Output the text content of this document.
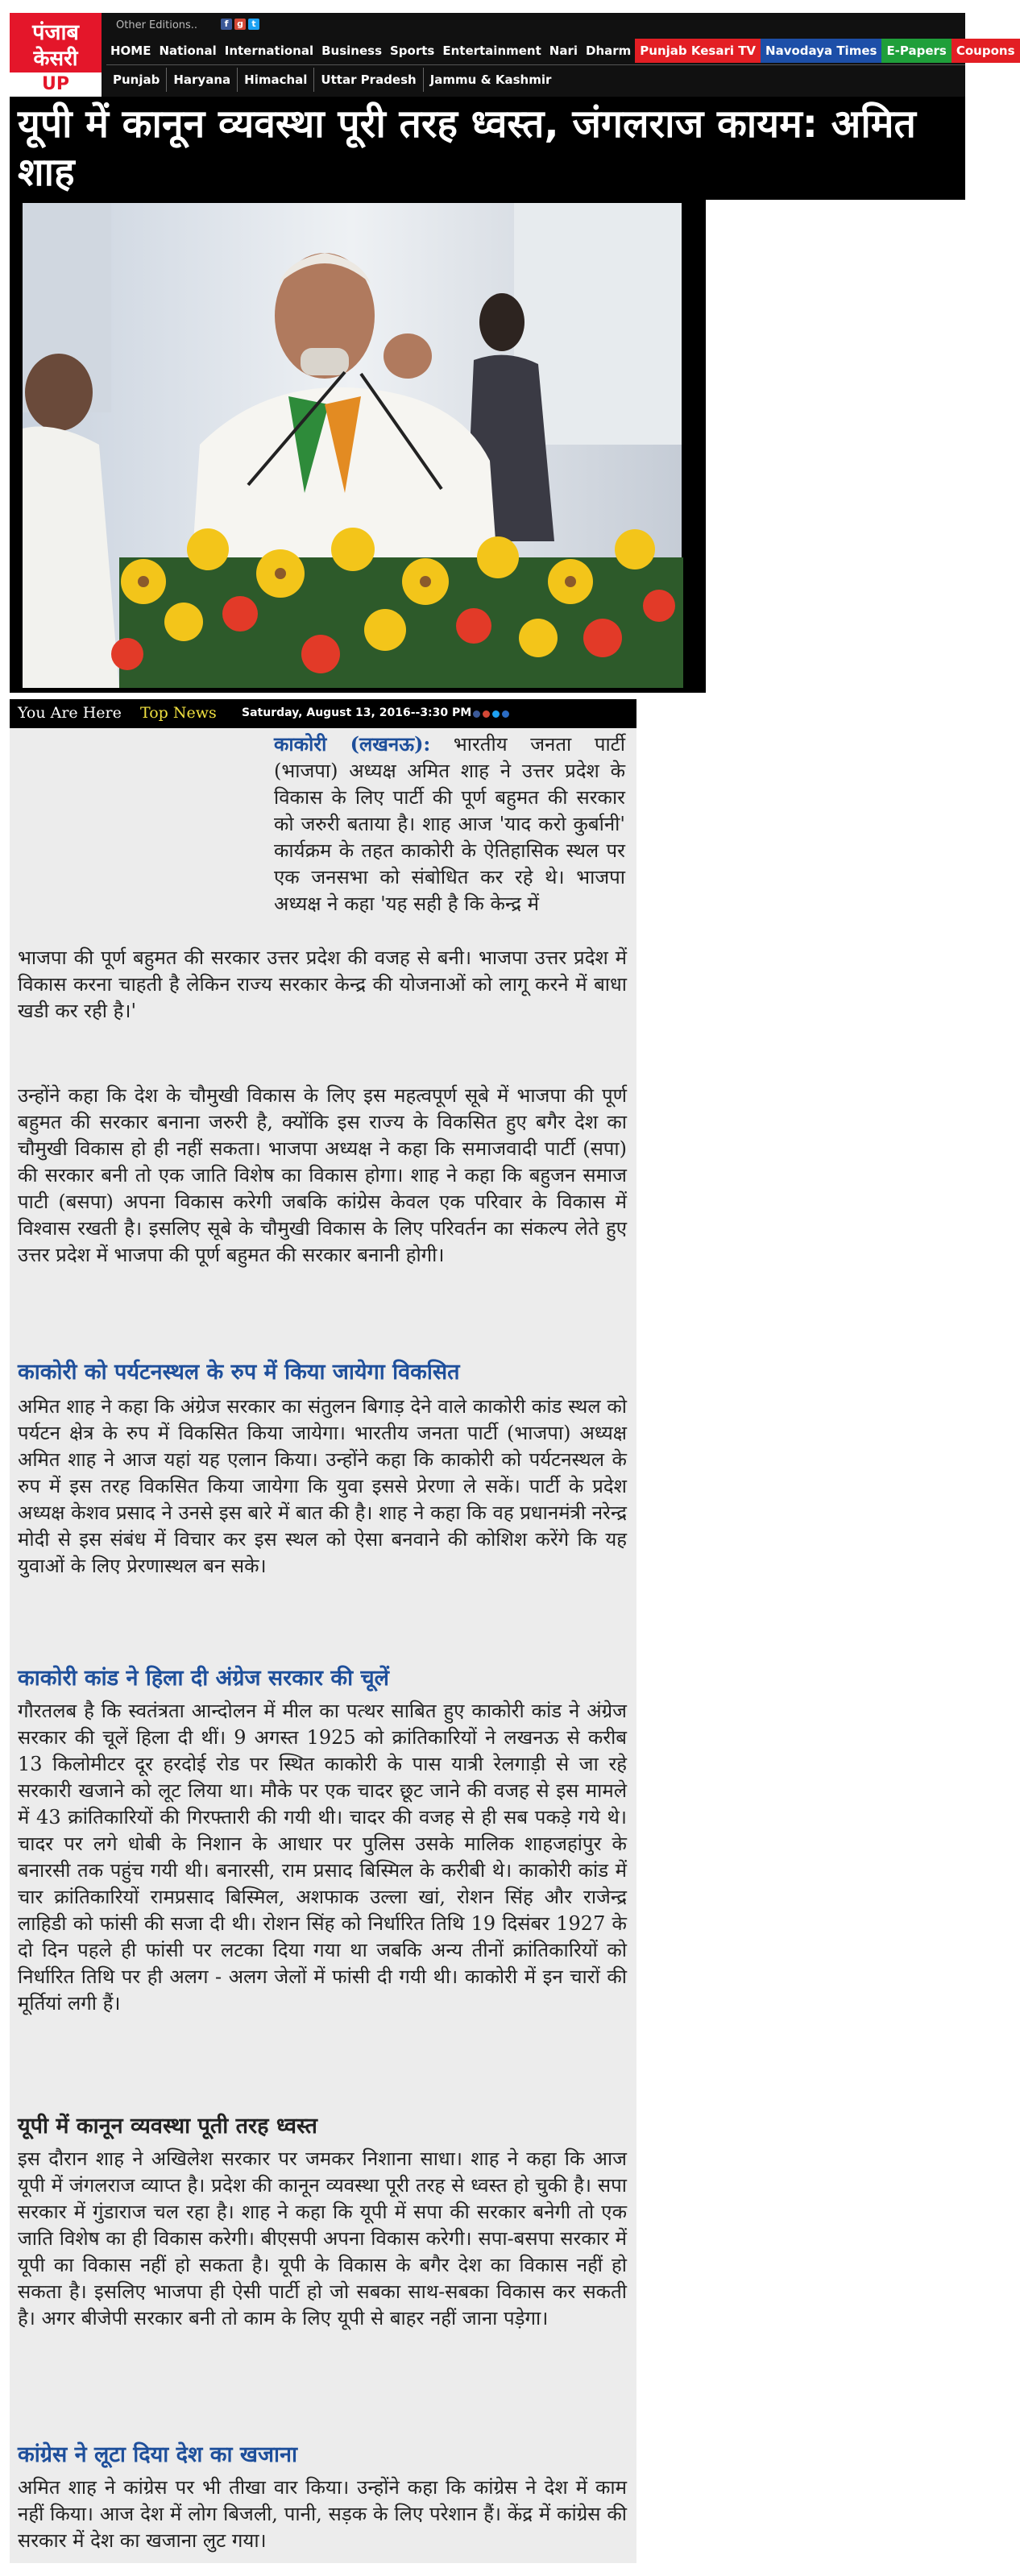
पंजाब
केसरी
UP
Other Editions..	f g t
HOME National International Business Sports Entertainment Nari Dharm Punjab Kesari TV Navodaya Times E-Papers Coupons
Punjab	Haryana	Himachal	Uttar Pradesh	Jammu & Kashmir
यूपी में कानून व्यवस्था पूरी तरह ध्वस्त, जंगलराज कायम: अमित शाह
You Are Here Top News Saturday, August 13, 2016--3:30 PM

काकोरी (लखनऊ): भारतीय जनता पार्टी (भाजपा) अध्यक्ष अमित शाह ने उत्तर प्रदेश के विकास के लिए पार्टी की पूर्ण बहुमत की सरकार को जरुरी बताया है। शाह आज 'याद करो कुर्बानी' कार्यक्रम के तहत काकोरी के ऐतिहासिक स्थल पर एक जनसभा को संबोधित कर रहे थे। भाजपा अध्यक्ष ने कहा 'यह सही है कि केन्द्र में

भाजपा की पूर्ण बहुमत की सरकार उत्तर प्रदेश की वजह से बनी। भाजपा उत्तर प्रदेश में विकास करना चाहती है लेकिन राज्य सरकार केन्द्र की योजनाओं को लागू करने में बाधा खडी कर रही है।'

उन्होंने कहा कि देश के चौमुखी विकास के लिए इस महत्वपूर्ण सूबे में भाजपा की पूर्ण बहुमत की सरकार बनाना जरुरी है, क्योंकि इस राज्य के विकसित हुए बगैर देश का चौमुखी विकास हो ही नहीं सकता। भाजपा अध्यक्ष ने कहा कि समाजवादी पार्टी (सपा) की सरकार बनी तो एक जाति विशेष का विकास होगा। शाह ने कहा कि बहुजन समाज पाटी (बसपा) अपना विकास करेगी जबकि कांग्रेस केवल एक परिवार के विकास में विश्वास रखती है। इसलिए सूबे के चौमुखी विकास के लिए परिवर्तन का संकल्प लेते हुए उत्तर प्रदेश में भाजपा की पूर्ण बहुमत की सरकार बनानी होगी।

काकोरी को पर्यटनस्थल के रुप में किया जायेगा विकसित

अमित शाह ने कहा कि अंग्रेज सरकार का संतुलन बिगाड़ देने वाले काकोरी कांड स्थल को पर्यटन क्षेत्र के रुप में विकसित किया जायेगा। भारतीय जनता पार्टी (भाजपा) अध्यक्ष अमित शाह ने आज यहां यह एलान किया। उन्होंने कहा कि काकोरी को पर्यटनस्थल के रुप में इस तरह विकसित किया जायेगा कि युवा इससे प्रेरणा ले सकें। पार्टी के प्रदेश अध्यक्ष केशव प्रसाद ने उनसे इस बारे में बात की है। शाह ने कहा कि वह प्रधानमंत्री नरेन्द्र मोदी से इस संबंध में विचार कर इस स्थल को ऐसा बनवाने की कोशिश करेंगे कि यह युवाओं के लिए प्रेरणास्थल बन सके।

काकोरी कांड ने हिला दी अंग्रेज सरकार की चूलें

गौरतलब है कि स्वतंत्रता आन्दोलन में मील का पत्थर साबित हुए काकोरी कांड ने अंग्रेज सरकार की चूलें हिला दी थीं। 9 अगस्त 1925 को क्रांतिकारियों ने लखनऊ से करीब 13 किलोमीटर दूर हरदोई रोड पर स्थित काकोरी के पास यात्री रेलगाड़ी से जा रहे सरकारी खजाने को लूट लिया था। मौके पर एक चादर छूट जाने की वजह से इस मामले में 43 क्रांतिकारियों की गिरफ्तारी की गयी थी। चादर की वजह से ही सब पकड़े गये थे। चादर पर लगे धोबी के निशान के आधार पर पुलिस उसके मालिक शाहजहांपुर के बनारसी तक पहुंच गयी थी। बनारसी, राम प्रसाद बिस्मिल के करीबी थे। काकोरी कांड में चार क्रांतिकारियों रामप्रसाद बिस्मिल, अशफाक उल्ला खां, रोशन सिंह और राजेन्द्र लाहिडी को फांसी की सजा दी थी। रोशन सिंह को निर्धारित तिथि 19 दिसंबर 1927 के दो दिन पहले ही फांसी पर लटका दिया गया था जबकि अन्य तीनों क्रांतिकारियों को निर्धारित तिथि पर ही अलग - अलग जेलों में फांसी दी गयी थी। काकोरी में इन चारों की मूर्तियां लगी हैं।

यूपी में कानून व्यवस्था पूती तरह ध्वस्त

इस दौरान शाह ने अखिलेश सरकार पर जमकर निशाना साधा। शाह ने कहा कि आज यूपी में जंगलराज व्याप्त है। प्रदेश की कानून व्यवस्था पूरी तरह से ध्वस्त हो चुकी है। सपा सरकार में गुंडाराज चल रहा है। शाह ने कहा कि यूपी में सपा की सरकार बनेगी तो एक जाति विशेष का ही विकास करेगी। बीएसपी अपना विकास करेगी। सपा-बसपा सरकार में यूपी का विकास नहीं हो सकता है। यूपी के विकास के बगैर देश का विकास नहीं हो सकता है। इसलिए भाजपा ही ऐसी पार्टी हो जो सबका साथ-सबका विकास कर सकती है। अगर बीजेपी सरकार बनी तो काम के लिए यूपी से बाहर नहीं जाना पड़ेगा।

कांग्रेस ने लूटा दिया देश का खजाना

अमित शाह ने कांग्रेस पर भी तीखा वार किया। उन्होंने कहा कि कांग्रेस ने देश में काम नहीं किया। आज देश में लोग बिजली, पानी, सड़क के लिए परेशान हैं। केंद्र में कांग्रेस की सरकार में देश का खजाना लुट गया।
